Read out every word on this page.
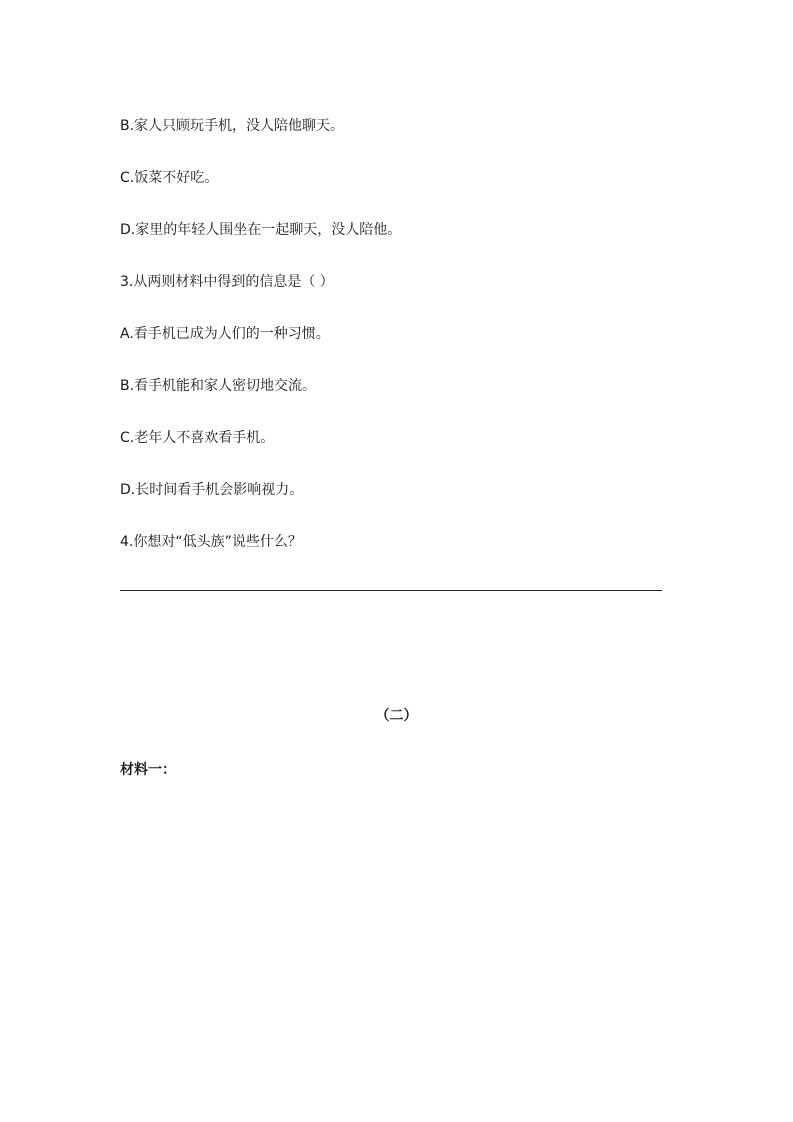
B.家人只顾玩手机，没人陪他聊天。
C.饭菜不好吃。
D.家里的年轻人围坐在一起聊天，没人陪他。
3.从两则材料中得到的信息是（ ）
A.看手机已成为人们的一种习惯。
B.看手机能和家人密切地交流。
C.老年人不喜欢看手机。
D.长时间看手机会影响视力。
4.你想对“低头族”说些什么？
（二）
材料一：
